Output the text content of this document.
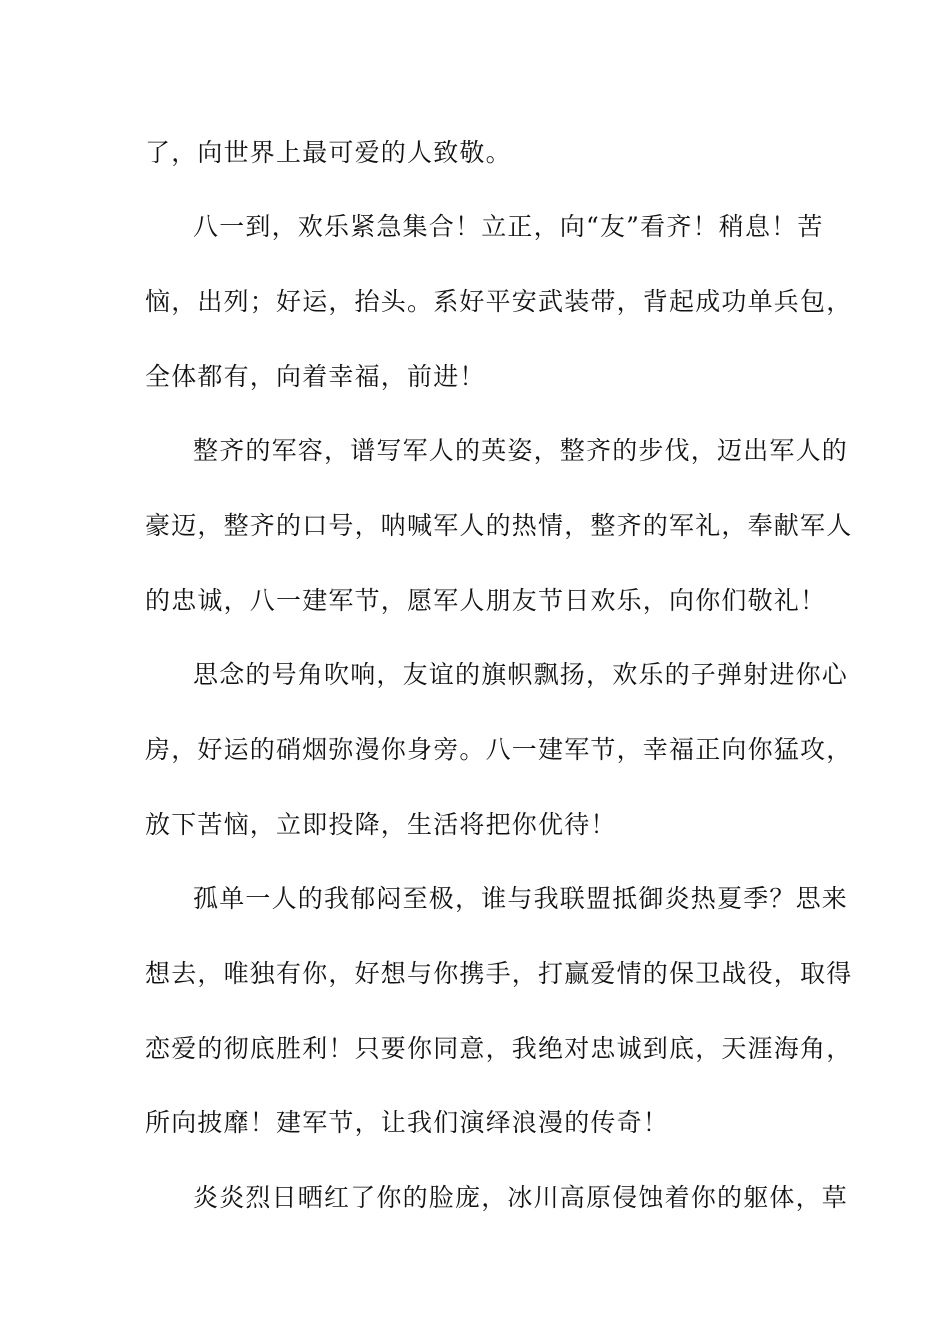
了，向世界上最可爱的人致敬。
八一到，欢乐紧急集合！立正，向“友”看齐！稍息！苦
恼，出列；好运，抬头。系好平安武装带，背起成功单兵包，
全体都有，向着幸福，前进！
整齐的军容，谱写军人的英姿，整齐的步伐，迈出军人的
豪迈，整齐的口号，呐喊军人的热情，整齐的军礼，奉献军人
的忠诚，八一建军节，愿军人朋友节日欢乐，向你们敬礼！
思念的号角吹响，友谊的旗帜飘扬，欢乐的子弹射进你心
房，好运的硝烟弥漫你身旁。八一建军节，幸福正向你猛攻，
放下苦恼，立即投降，生活将把你优待！
孤单一人的我郁闷至极，谁与我联盟抵御炎热夏季？思来
想去，唯独有你，好想与你携手，打赢爱情的保卫战役，取得
恋爱的彻底胜利！只要你同意，我绝对忠诚到底，天涯海角，
所向披靡！建军节，让我们演绎浪漫的传奇！
炎炎烈日晒红了你的脸庞，冰川高原侵蚀着你的躯体，草
